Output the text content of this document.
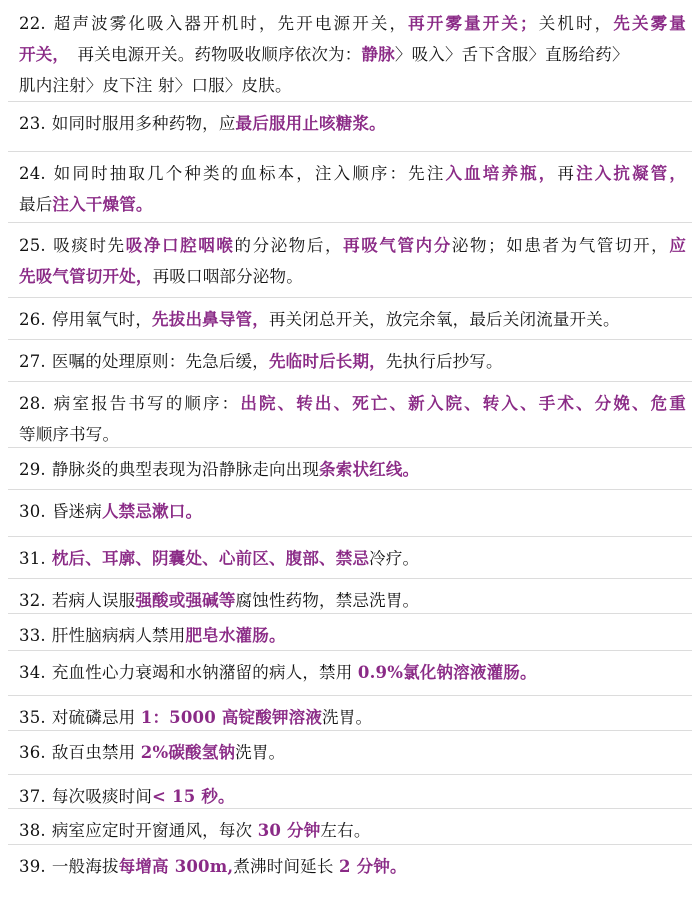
22. 超声波雾化吸入器开机时，先开电源开关，再开雾量开关；关机时，先关雾量
开关，　再关电源开关。药物吸收顺序依次为：静脉〉吸入〉舌下含服〉直肠给药〉
肌内注射〉皮下注 射〉口服〉皮肤。
23. 如同时服用多种药物，应最后服用止咳糖浆。
24. 如同时抽取几个种类的血标本，注入顺序：先注入血培养瓶，再注入抗凝管，
最后注入干燥管。
25. 吸痰时先吸净口腔咽喉的分泌物后，再吸气管内分泌物；如患者为气管切开，应
先吸气管切开处，再吸口咽部分泌物。
26. 停用氧气时，先拔出鼻导管，再关闭总开关，放完余氧，最后关闭流量开关。
27. 医嘱的处理原则：先急后缓，先临时后长期，先执行后抄写。
28. 病室报告书写的顺序：出院、转出、死亡、新入院、转入、手术、分娩、危重
等顺序书写。
29. 静脉炎的典型表现为沿静脉走向出现条索状红线。
30. 昏迷病人禁忌漱口。
31. 枕后、耳廓、阴囊处、心前区、腹部、禁忌冷疗。
32. 若病人误服强酸或强碱等腐蚀性药物，禁忌洗胃。
33. 肝性脑病病人禁用肥皂水灌肠。
34. 充血性心力衰竭和水钠潴留的病人，禁用 0.9%氯化钠溶液灌肠。
35. 对硫磷忌用 1：5000 高锭酸钾溶液洗胃。
36. 敌百虫禁用 2%碳酸氢钠洗胃。
37. 每次吸痰时间< 15 秒。
38. 病室应定时开窗通风，每次 30 分钟左右。
39. 一般海拔每增高 300m,煮沸时间延长 2 分钟。
